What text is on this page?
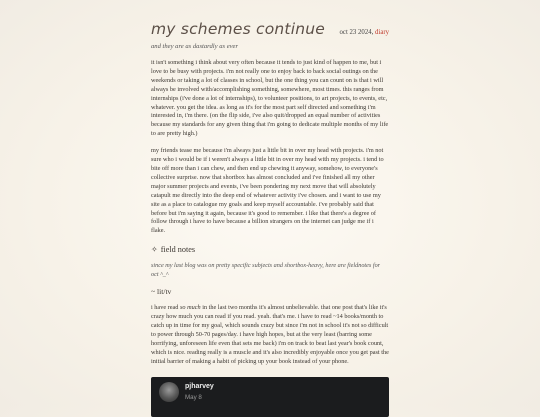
my schemes continue oct 23 2024, diary
and they are as dastardly as ever

it isn't something i think about very often because it tends to just kind of happen to me, but i love to be busy with projects. i'm not really one to enjoy back to back social outings on the weekends or taking a lot of classes in school, but the one thing you can count on is that i will always be involved with/accomplishing something, somewhere, most times. this ranges from internships (i've done a lot of internships), to volunteer positions, to art projects, to events, etc, whatever. you get the idea. as long as it's for the most part self directed and something i'm interested in, i'm there. (on the flip side, i've also quit/dropped an equal number of activities because my standards for any given thing that i'm going to dedicate multiple months of my life to are pretty high.)

my friends tease me because i'm always just a little bit in over my head with projects. i'm not sure who i would be if i weren't always a little bit in over my head with my projects. i tend to bite off more than i can chew, and then end up chewing it anyway, somehow, to everyone's collective surprise. now that shortbox has almost concluded and i've finished all my other major summer projects and events, i've been pondering my next move that will absolutely catapult me directly into the deep end of whatever activity i've chosen. and i want to use my site as a place to catalogue my goals and keep myself accountable. i've probably said that before but i'm saying it again, because it's good to remember. i like that there's a degree of follow through i have to have because a billion strangers on the internet can judge me if i flake.

✧ field notes
since my last blog was on pretty specific subjects and shortbox-heavy, here are fieldnotes for oct ^_^
~ lit/tv

i have read so much in the last two months it's almost unbelievable. that one post that's like it's crazy how much you can read if you read. yeah. that's me. i have to read ~14 books/month to catch up in time for my goal, which sounds crazy but since i'm not in school it's not so difficult to power through 50-70 pages/day. i have high hopes, but at the very least (barring some horrifying, unforeseen life even that sets me back) i'm on track to beat last year's book count, which is nice. reading really is a muscle and it's also incredibly enjoyable once you get past the initial barrier of making a habit of picking up your book instead of your phone.

pjharvey
May 8
